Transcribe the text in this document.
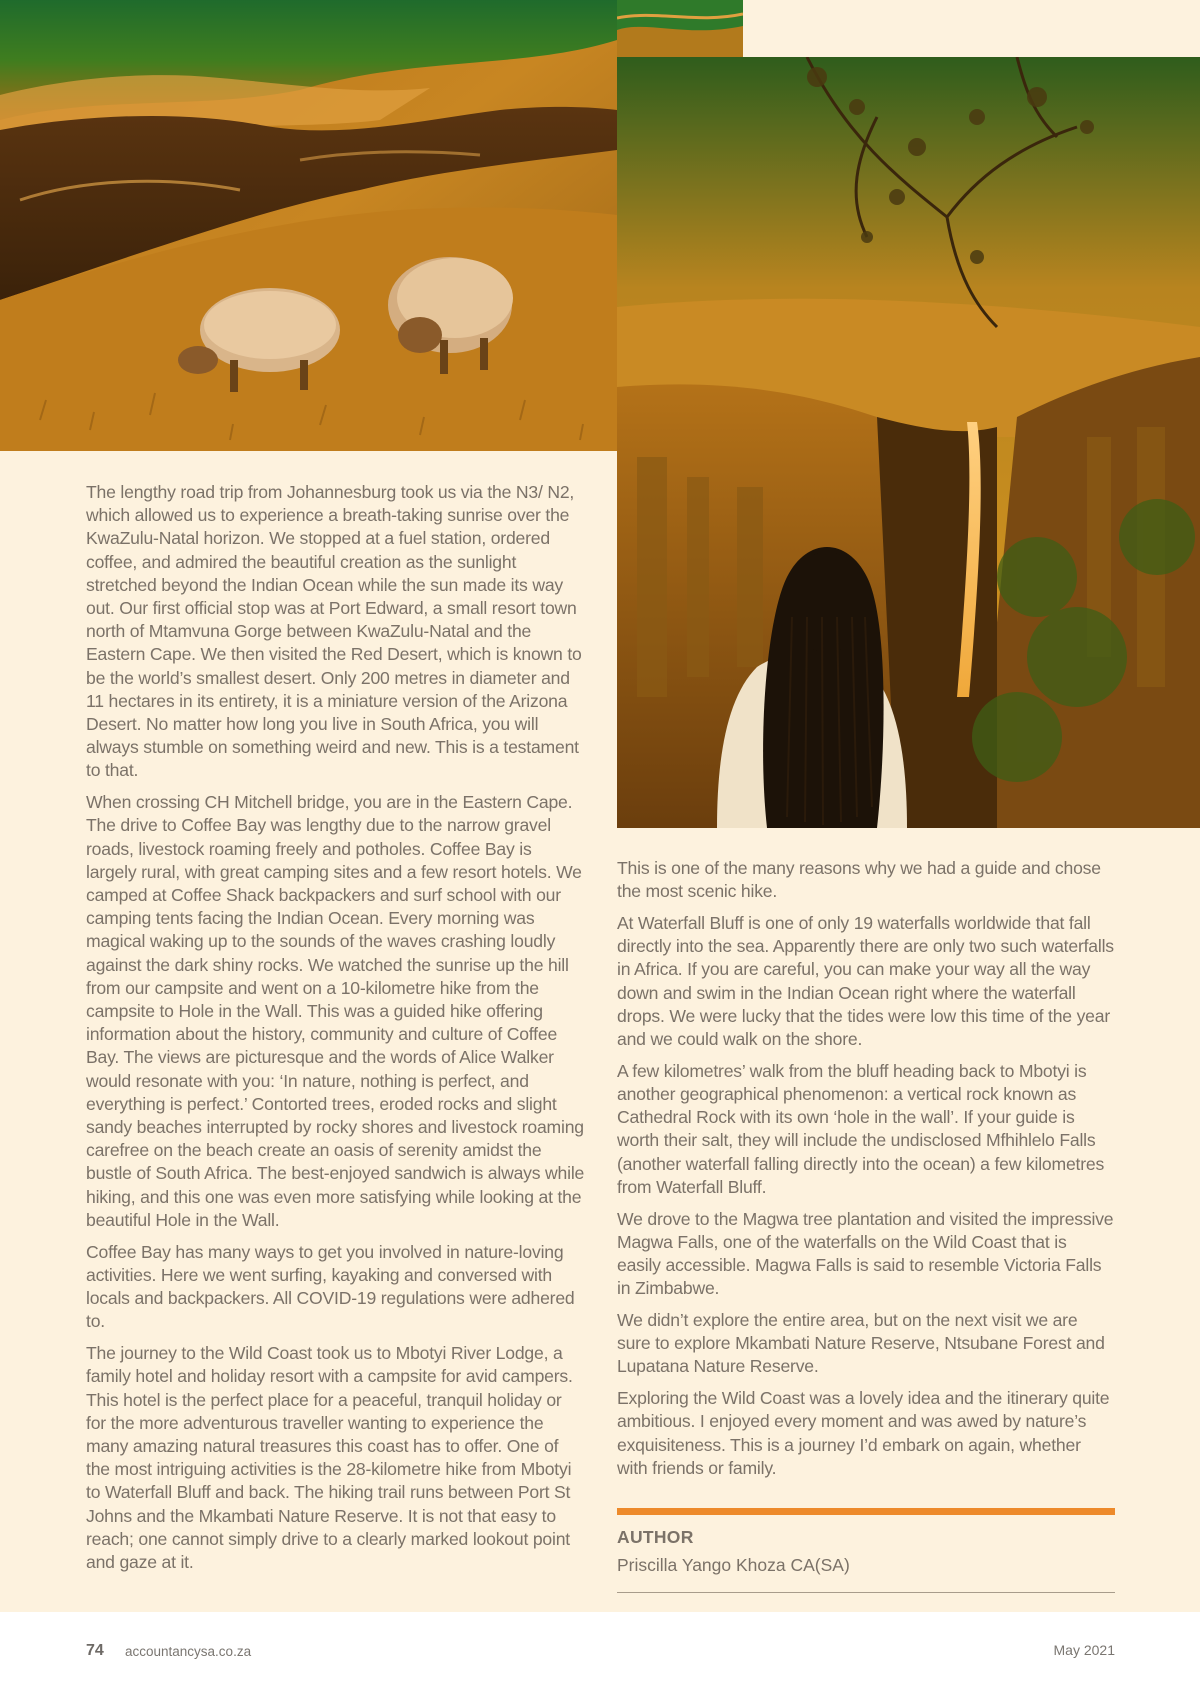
The lengthy road trip from Johannesburg took us via the N3/ N2, which allowed us to experience a breath-taking sunrise over the KwaZulu-Natal horizon. We stopped at a fuel station, ordered coffee, and admired the beautiful creation as the sunlight stretched beyond the Indian Ocean while the sun made its way out. Our first official stop was at Port Edward, a small resort town north of Mtamvuna Gorge between KwaZulu-Natal and the Eastern Cape. We then visited the Red Desert, which is known to be the world’s smallest desert. Only 200 metres in diameter and 11 hectares in its entirety, it is a miniature version of the Arizona Desert. No matter how long you live in South Africa, you will always stumble on something weird and new. This is a testament to that.

When crossing CH Mitchell bridge, you are in the Eastern Cape. The drive to Coffee Bay was lengthy due to the narrow gravel roads, livestock roaming freely and potholes. Coffee Bay is largely rural, with great camping sites and a few resort hotels. We camped at Coffee Shack backpackers and surf school with our camping tents facing the Indian Ocean. Every morning was magical waking up to the sounds of the waves crashing loudly against the dark shiny rocks. We watched the sunrise up the hill from our campsite and went on a 10-kilometre hike from the campsite to Hole in the Wall. This was a guided hike offering information about the history, community and culture of Coffee Bay. The views are picturesque and the words of Alice Walker would resonate with you: ‘In nature, nothing is perfect, and everything is perfect.’ Contorted trees, eroded rocks and slight sandy beaches interrupted by rocky shores and livestock roaming carefree on the beach create an oasis of serenity amidst the bustle of South Africa. The best-enjoyed sandwich is always while hiking, and this one was even more satisfying while looking at the beautiful Hole in the Wall.

Coffee Bay has many ways to get you involved in nature-loving activities. Here we went surfing, kayaking and conversed with locals and backpackers. All COVID-19 regulations were adhered to.

The journey to the Wild Coast took us to Mbotyi River Lodge, a family hotel and holiday resort with a campsite for avid campers. This hotel is the perfect place for a peaceful, tranquil holiday or for the more adventurous traveller wanting to experience the many amazing natural treasures this coast has to offer. One of the most intriguing activities is the 28-kilometre hike from Mbotyi to Waterfall Bluff and back. The hiking trail runs between Port St Johns and the Mkambati Nature Reserve. It is not that easy to reach; one cannot simply drive to a clearly marked lookout point and gaze at it.

This is one of the many reasons why we had a guide and chose the most scenic hike.

At Waterfall Bluff is one of only 19 waterfalls worldwide that fall directly into the sea. Apparently there are only two such waterfalls in Africa. If you are careful, you can make your way all the way down and swim in the Indian Ocean right where the waterfall drops. We were lucky that the tides were low this time of the year and we could walk on the shore.

A few kilometres’ walk from the bluff heading back to Mbotyi is another geographical phenomenon: a vertical rock known as Cathedral Rock with its own ‘hole in the wall’. If your guide is worth their salt, they will include the undisclosed Mfhihlelo Falls (another waterfall falling directly into the ocean) a few kilometres from Waterfall Bluff.

We drove to the Magwa tree plantation and visited the impressive Magwa Falls, one of the waterfalls on the Wild Coast that is easily accessible. Magwa Falls is said to resemble Victoria Falls in Zimbabwe.

We didn’t explore the entire area, but on the next visit we are sure to explore Mkambati Nature Reserve, Ntsubane Forest and Lupatana Nature Reserve.

Exploring the Wild Coast was a lovely idea and the itinerary quite ambitious. I enjoyed every moment and was awed by nature’s exquisiteness. This is a journey I’d embark on again, whether with friends or family.

AUTHOR
Priscilla Yango Khoza CA(SA)
74 accountancysa.co.za	May 2021
